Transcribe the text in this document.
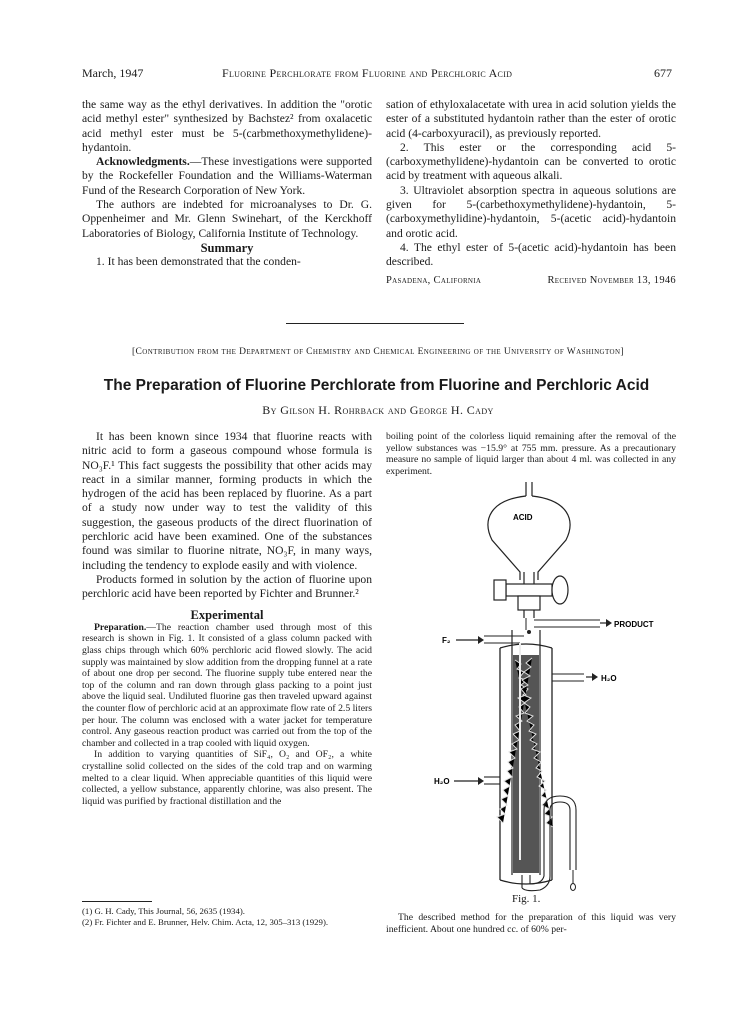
March, 1947	Fluorine Perchlorate from Fluorine and Perchloric Acid	677

the same way as the ethyl derivatives. In addition the "orotic acid methyl ester" synthesized by Bachstez² from oxalacetic acid methyl ester must be 5-(carbmethoxymethylidene)-hydantoin.

Acknowledgments.—These investigations were supported by the Rockefeller Foundation and the Williams-Waterman Fund of the Research Corporation of New York.

The authors are indebted for microanalyses to Dr. G. Oppenheimer and Mr. Glenn Swinehart, of the Kerckhoff Laboratories of Biology, California Institute of Technology.

Summary

1. It has been demonstrated that the conden-

sation of ethyloxalacetate with urea in acid solution yields the ester of a substituted hydantoin rather than the ester of orotic acid (4-carboxyuracil), as previously reported.

2. This ester or the corresponding acid 5-(carboxymethylidene)-hydantoin can be converted to orotic acid by treatment with aqueous alkali.

3. Ultraviolet absorption spectra in aqueous solutions are given for 5-(carbethoxymethylidene)-hydantoin, 5-(carboxymethylidine)-hydantoin, 5-(acetic acid)-hydantoin and orotic acid.

4. The ethyl ester of 5-(acetic acid)-hydantoin has been described.

Pasadena, California	Received November 13, 1946
[Contribution from the Department of Chemistry and Chemical Engineering of the University of Washington]
The Preparation of Fluorine Perchlorate from Fluorine and Perchloric Acid
By Gilson H. Rohrback and George H. Cady

It has been known since 1934 that fluorine reacts with nitric acid to form a gaseous compound whose formula is NO₃F.¹ This fact suggests the possibility that other acids may react in a similar manner, forming products in which the hydrogen of the acid has been replaced by fluorine. As a part of a study now under way to test the validity of this suggestion, the gaseous products of the direct fluorination of perchloric acid have been examined. One of the substances found was similar to fluorine nitrate, NO₃F, in many ways, including the tendency to explode easily and with violence.

Products formed in solution by the action of fluorine upon perchloric acid have been reported by Fichter and Brunner.²

Experimental

Preparation.—The reaction chamber used through most of this research is shown in Fig. 1. It consisted of a glass column packed with glass chips through which 60% perchloric acid flowed slowly. The acid supply was maintained by slow addition from the dropping funnel at a rate of about one drop per second. The fluorine supply tube entered near the top of the column and ran down through glass packing to a point just above the liquid seal. Undiluted fluorine gas then traveled upward against the counter flow of perchloric acid at an approximate flow rate of 2.5 liters per hour. The column was enclosed with a water jacket for temperature control. Any gaseous reaction product was carried out from the top of the chamber and collected in a trap cooled with liquid oxygen.

In addition to varying quantities of SiF₄, O₂ and OF₂, a white crystalline solid collected on the sides of the cold trap and on warming melted to a clear liquid. When appreciable quantities of this liquid were collected, a yellow substance, apparently chlorine, was also present. The liquid was purified by fractional distillation and the

(1) G. H. Cady, This Journal, 56, 2635 (1934).

(2) Fr. Fichter and E. Brunner, Helv. Chim. Acta, 12, 305–313 (1929).

boiling point of the colorless liquid remaining after the removal of the yellow substances was −15.9° at 755 mm. pressure. As a precautionary measure no sample of liquid larger than about 4 ml. was collected in any experiment.

ACID
PRODUCT
F₂
H₂O
H₂O
Fig. 1.

The described method for the preparation of this liquid was very inefficient. About one hundred cc. of 60% per-
